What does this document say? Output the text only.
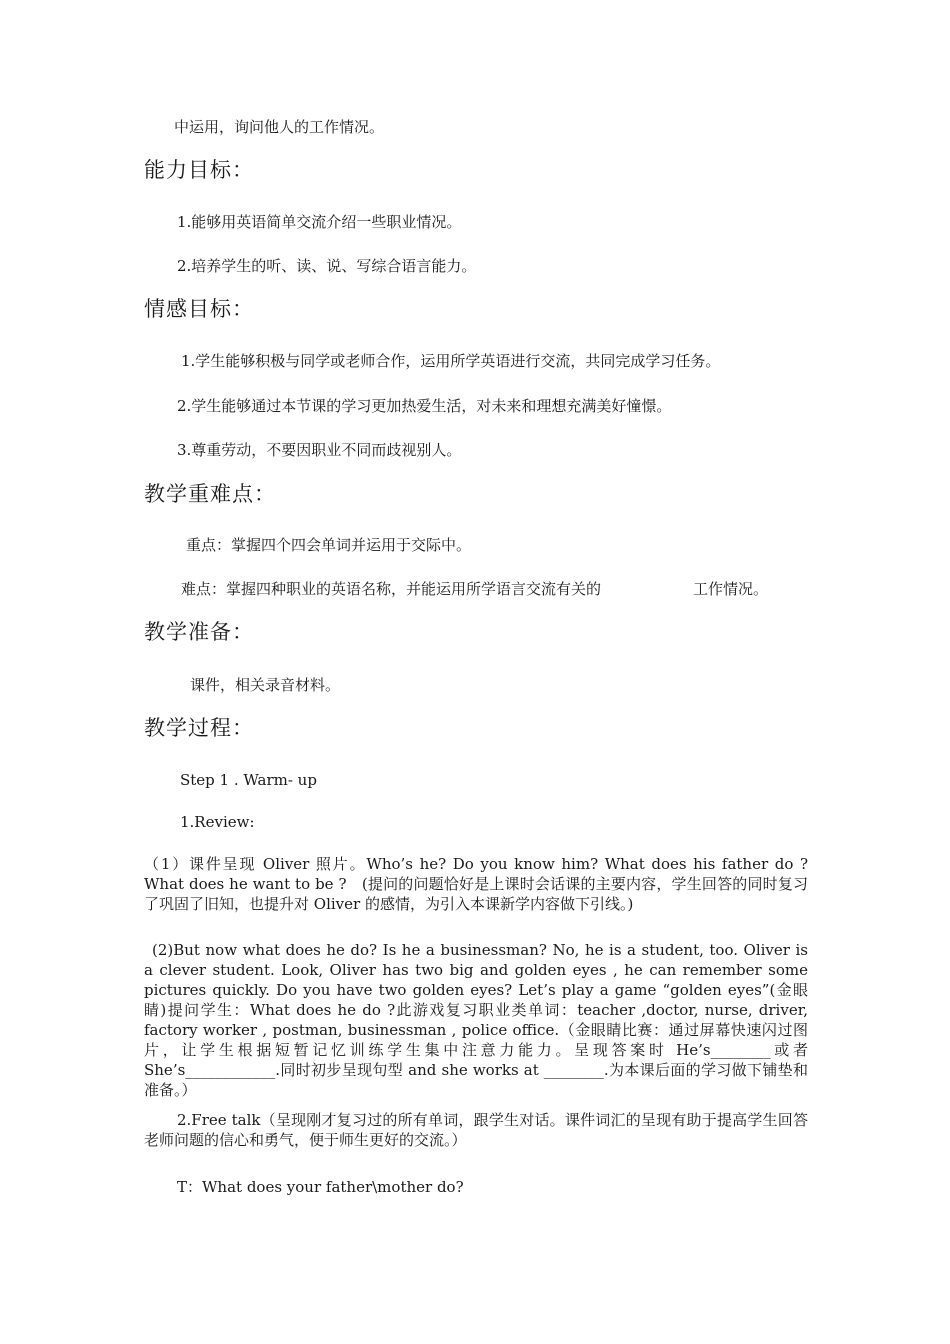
中运用，询问他人的工作情况。
能力目标：
1.能够用英语简单交流介绍一些职业情况。
2.培养学生的听、读、说、写综合语言能力。
情感目标：
1.学生能够积极与同学或老师合作，运用所学英语进行交流，共同完成学习任务。
2.学生能够通过本节课的学习更加热爱生活，对未来和理想充满美好憧憬。
3.尊重劳动，不要因职业不同而歧视别人。
教学重难点：
重点：掌握四个四会单词并运用于交际中。
难点：掌握四种职业的英语名称，并能运用所学语言交流有关的	工作情况。
教学准备：
课件，相关录音材料。
教学过程：
Step 1 . Warm- up
1.Review:
（1）课件呈现 Oliver 照片。Who’s he? Do you know him? What does his father do ? What does he want to be ?　(提问的问题恰好是上课时会话课的主要内容，学生回答的同时复习了巩固了旧知，也提升对 Oliver 的感情，为引入本课新学内容做下引线。)
(2)But now what does he do? Is he a businessman? No, he is a student, too. Oliver is a clever student. Look, Oliver has two big and golden eyes , he can remember some pictures quickly. Do you have two golden eyes? Let’s play a game “golden eyes”(金眼睛)提问学生：What does he do ?此游戏复习职业类单词：teacher ,doctor, nurse, driver, factory worker , postman, businessman , police office.（金眼睛比赛：通过屏幕快速闪过图片，让学生根据短暂记忆训练学生集中注意力能力。呈现答案时 He’s________或者 She’s____________.同时初步呈现句型 and she works at ________.为本课后面的学习做下铺垫和准备。）
2.Free talk（呈现刚才复习过的所有单词，跟学生对话。课件词汇的呈现有助于提高学生回答老师问题的信心和勇气，便于师生更好的交流。）
T：What does your father\mother do?
